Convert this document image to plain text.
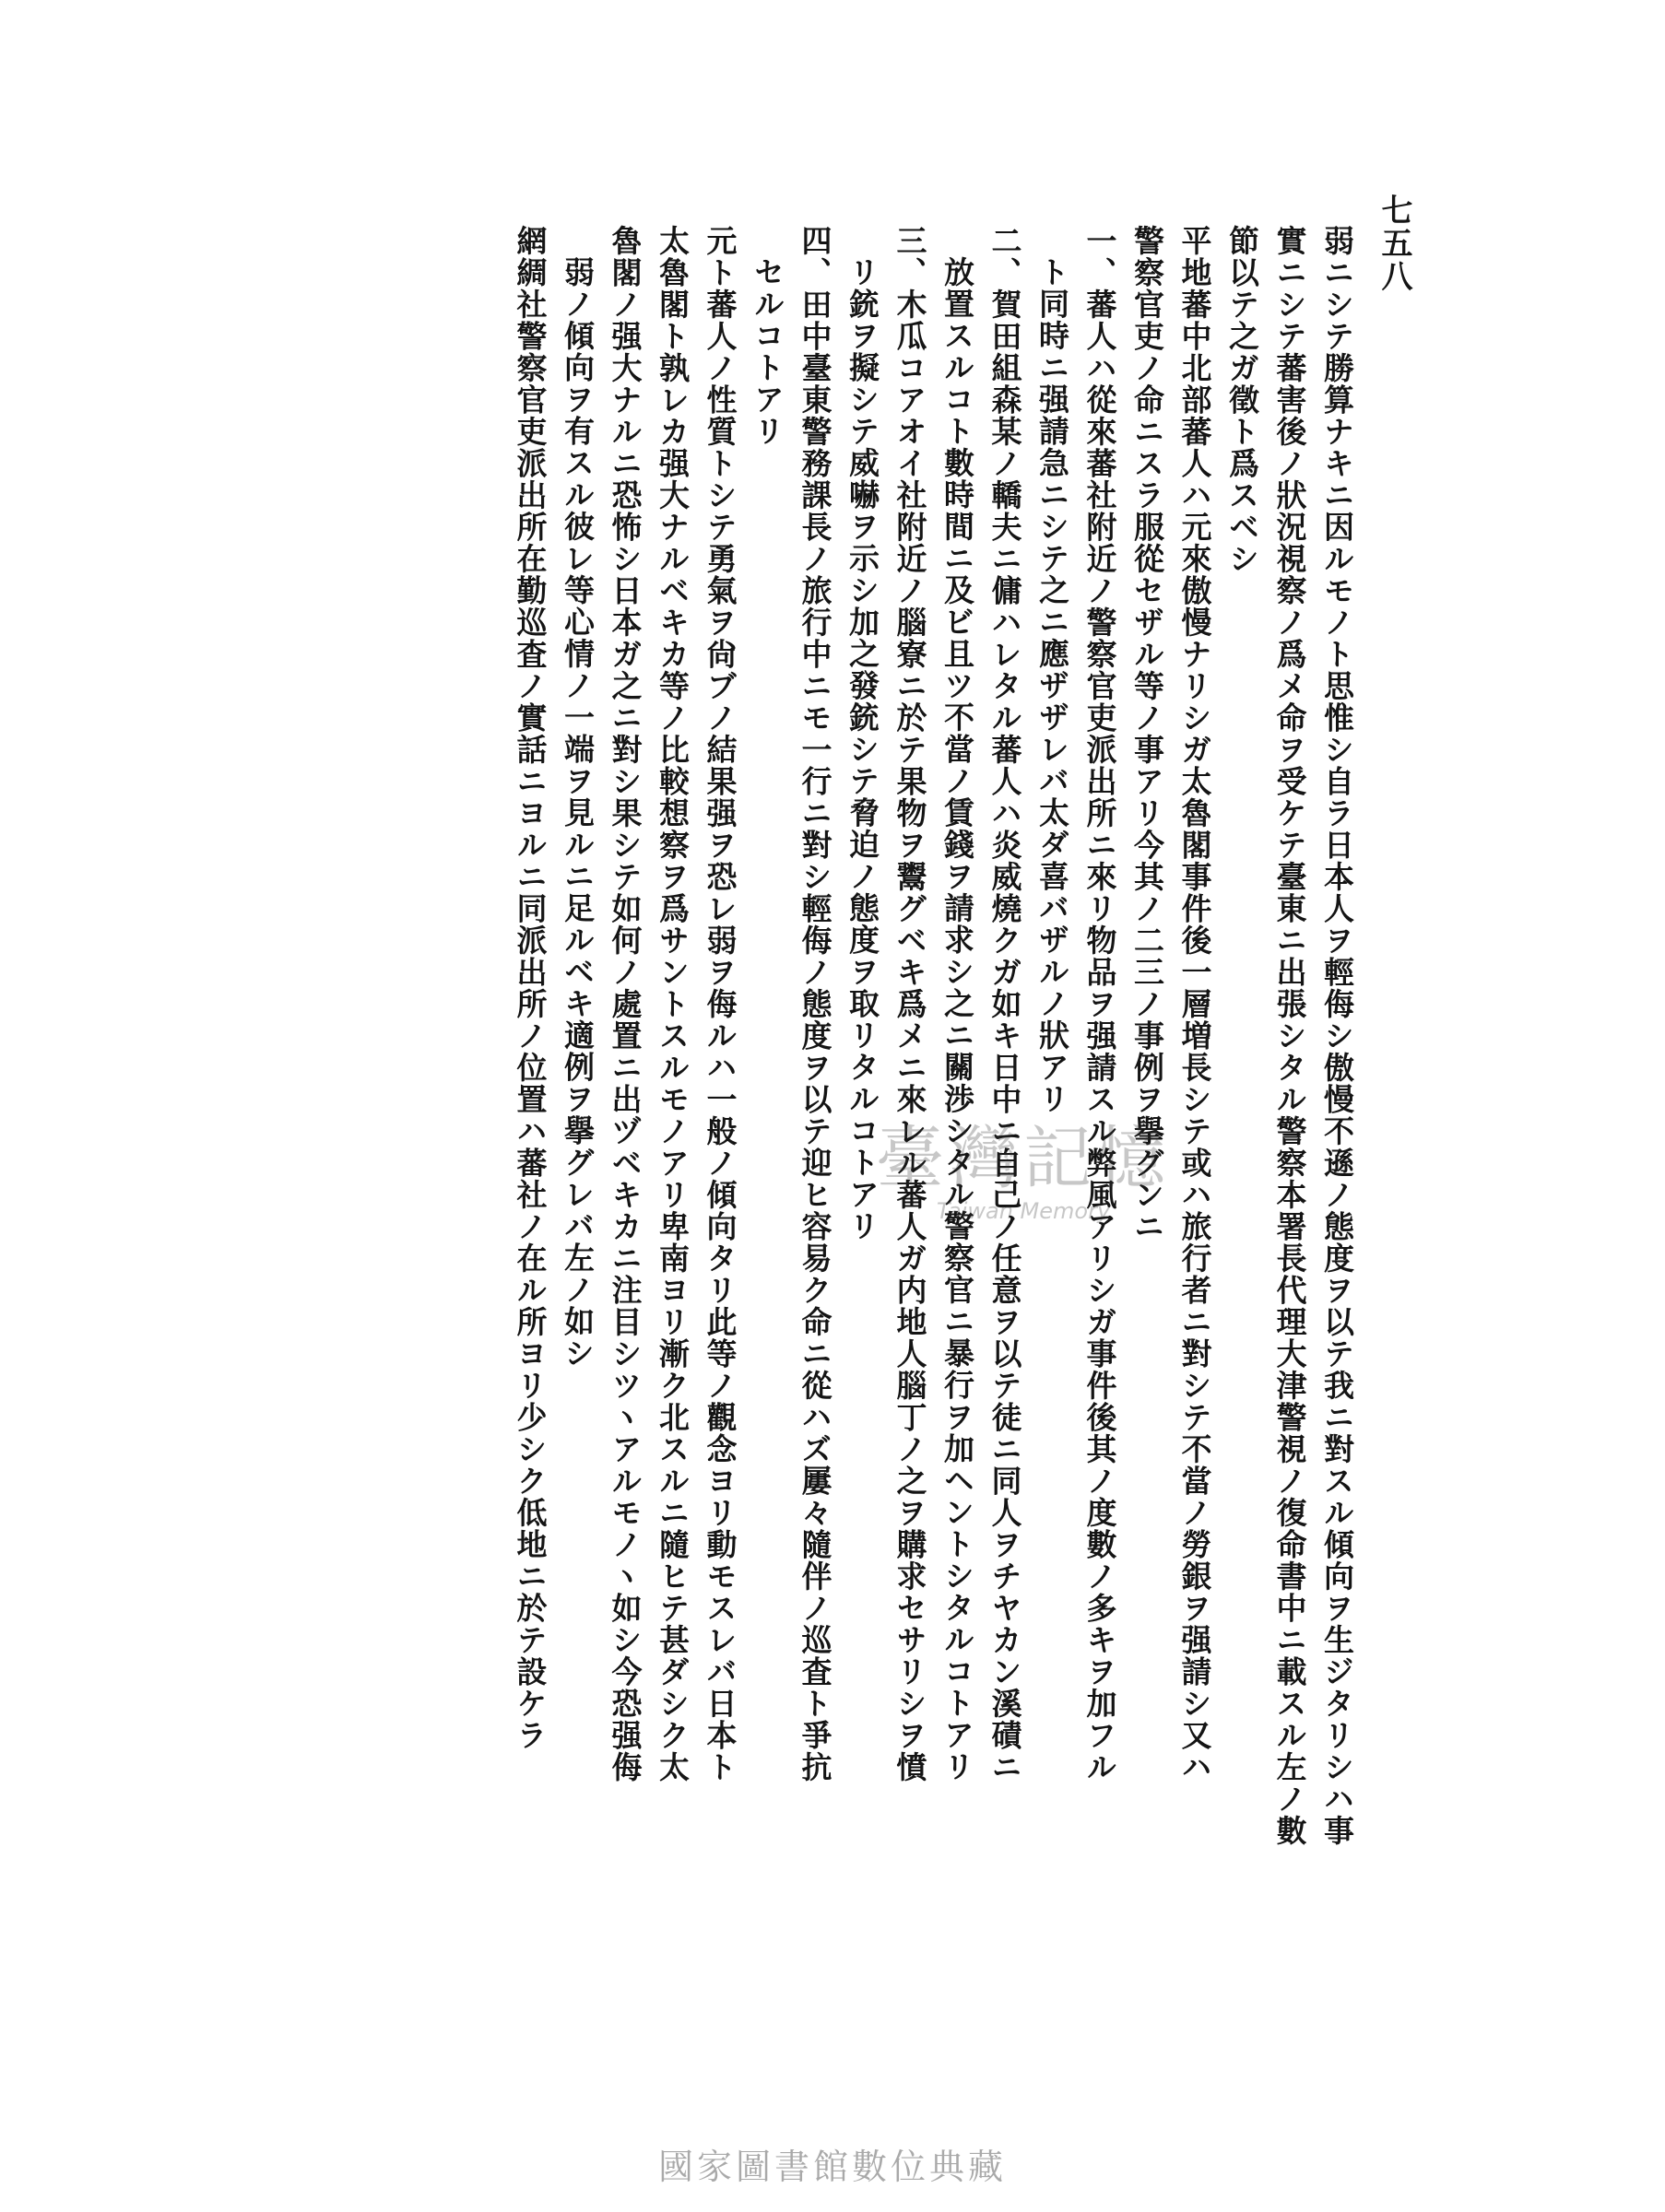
七五八
弱ニシテ勝算ナキニ因ルモノト思惟シ自ラ日本人ヲ輕侮シ傲慢不遜ノ態度ヲ以テ我ニ對スル傾向ヲ生ジタリシハ事
實ニシテ蕃害後ノ狀況視察ノ爲メ命ヲ受ケテ臺東ニ出張シタル警察本署長代理大津警視ノ復命書中ニ載スル左ノ數
節以テ之ガ徵ト爲スベシ
平地蕃中北部蕃人ハ元來傲慢ナリシガ太魯閣事件後一層増長シテ或ハ旅行者ニ對シテ不當ノ勞銀ヲ强請シ又ハ
警察官吏ノ命ニスラ服從セザル等ノ事アリ今其ノ二三ノ事例ヲ擧グンニ
一、蕃人ハ從來蕃社附近ノ警察官吏派出所ニ來リ物品ヲ强請スル弊風アリシガ事件後其ノ度數ノ多キヲ加フル
ト同時ニ强請急ニシテ之ニ應ザザレバ太ダ喜バザルノ狀アリ
二、賀田組森某ノ轎夫ニ傭ハレタル蕃人ハ炎威燒クガ如キ日中ニ自己ノ任意ヲ以テ徒ニ同人ヲチヤカン溪磧ニ
放置スルコト數時間ニ及ビ且ツ不當ノ賃錢ヲ請求シ之ニ關渉シタル警察官ニ暴行ヲ加ヘントシタルコトアリ
三、木瓜コアオイ社附近ノ腦寮ニ於テ果物ヲ鬻グベキ爲メニ來レル蕃人ガ内地人腦丁ノ之ヲ購求セサリシヲ憤
リ銃ヲ擬シテ威嚇ヲ示シ加之發銃シテ脅迫ノ態度ヲ取リタルコトアリ
四、田中臺東警務課長ノ旅行中ニモ一行ニ對シ輕侮ノ態度ヲ以テ迎ヒ容易ク命ニ從ハズ屢々隨伴ノ巡査ト爭抗
セルコトアリ
元ト蕃人ノ性質トシテ勇氣ヲ尙ブノ結果强ヲ恐レ弱ヲ侮ルハ一般ノ傾向タリ此等ノ觀念ヨリ動モスレバ日本ト
太魯閣ト孰レカ强大ナルベキカ等ノ比較想察ヲ爲サントスルモノアリ卑南ヨリ漸ク北スルニ隨ヒテ甚ダシク太
魯閣ノ强大ナルニ恐怖シ日本ガ之ニ對シ果シテ如何ノ處置ニ出ヅベキカニ注目シツヽアルモノヽ如シ今恐强侮
弱ノ傾向ヲ有スル彼レ等心情ノ一端ヲ見ルニ足ルベキ適例ヲ擧グレバ左ノ如シ
網綢社警察官吏派出所在勤巡査ノ實話ニヨルニ同派出所ノ位置ハ蕃社ノ在ル所ヨリ少シク低地ニ於テ設ケラ	臺灣記憶
Taiwan Memory
國家圖書館數位典藏
